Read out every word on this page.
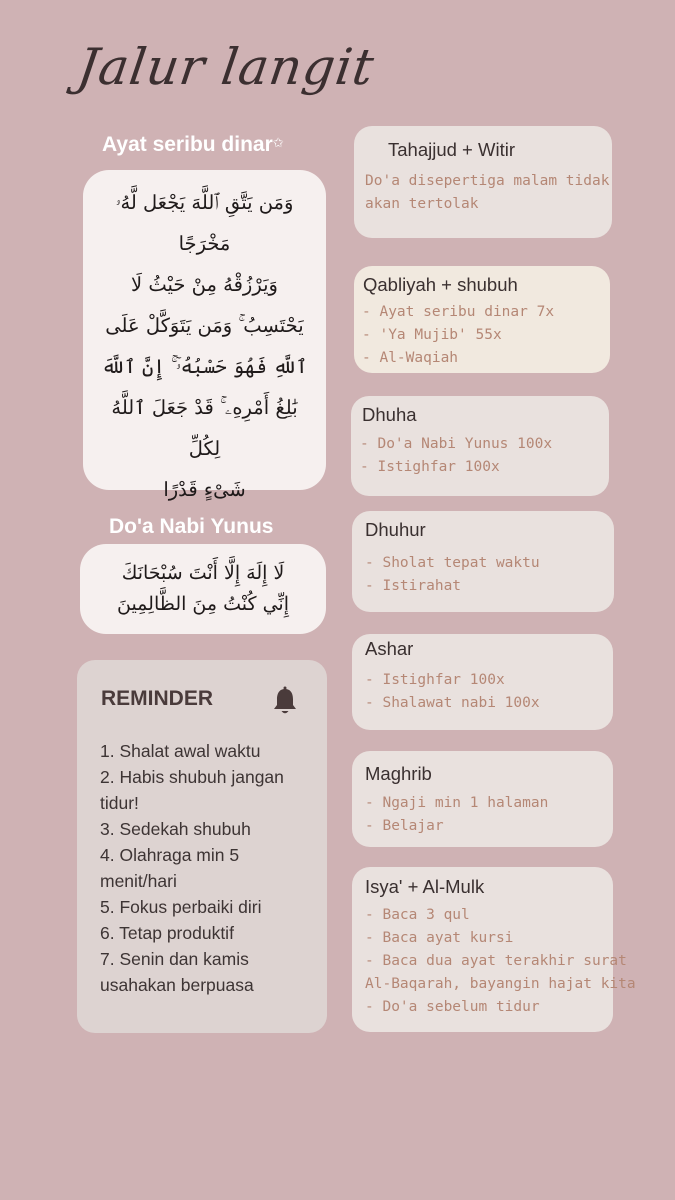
Jalur langit
Ayat seribu dinar✩
وَمَن يَتَّقِ ٱللَّهَ يَجْعَل لَّهُۥ
مَخْرَجًا
وَيَرْزُقْهُ مِنْ حَيْثُ لَا
يَحْتَسِبُ ۚ وَمَن يَتَوَكَّلْ عَلَى
ٱللَّهِ فَهُوَ حَسْبُهُۥٓ ۚ إِنَّ ٱللَّهَ
بَٰلِغُ أَمْرِهِۦ ۚ قَدْ جَعَلَ ٱللَّهُ لِكُلِّ
شَىْءٍ قَدْرًا
Do'a Nabi Yunus
لَا إِلَهَ إِلَّا أَنْتَ سُبْحَانَكَ
إِنِّي كُنْتُ مِنَ الظَّالِمِينَ
REMINDER
1. Shalat awal waktu
2. Habis shubuh jangan tidur!
3. Sedekah shubuh
4. Olahraga min 5 menit/hari
5. Fokus perbaiki diri
6. Tetap produktif
7. Senin dan kamis usahakan berpuasa
Tahajjud + Witir
Do'a disepertiga malam tidak
akan tertolak
Qabliyah + shubuh
- Ayat seribu dinar 7x
- 'Ya Mujib' 55x
- Al-Waqiah
Dhuha
- Do'a Nabi Yunus 100x
- Istighfar 100x
Dhuhur
- Sholat tepat waktu
- Istirahat
Ashar
- Istighfar 100x
- Shalawat nabi 100x
Maghrib
- Ngaji min 1 halaman
- Belajar
Isya' + Al-Mulk
- Baca 3 qul
- Baca ayat kursi
- Baca dua ayat terakhir surat
Al-Baqarah, bayangin hajat kita
- Do'a sebelum tidur
